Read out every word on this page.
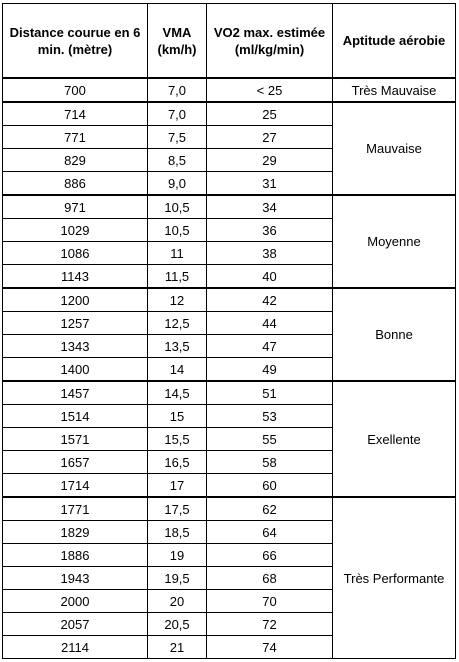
Distance courue en 6 min. (mètre)	VMA (km/h)	VO2 max. estimée (ml/kg/min)	Aptitude aérobie
700	7,0	< 25	Très Mauvaise
714	7,0	25	Mauvaise
771	7,5	27	
829	8,5	29	
886	9,0	31	
971	10,5	34	Moyenne
1029	10,5	36	
1086	11	38	
1143	11,5	40	
1200	12	42	Bonne
1257	12,5	44	
1343	13,5	47	
1400	14	49	
1457	14,5	51	Exellente
1514	15	53	
1571	15,5	55	
1657	16,5	58	
1714	17	60	
1771	17,5	62	Très Performante
1829	18,5	64	
1886	19	66	
1943	19,5	68	
2000	20	70	
2057	20,5	72	
2114	21	74	
